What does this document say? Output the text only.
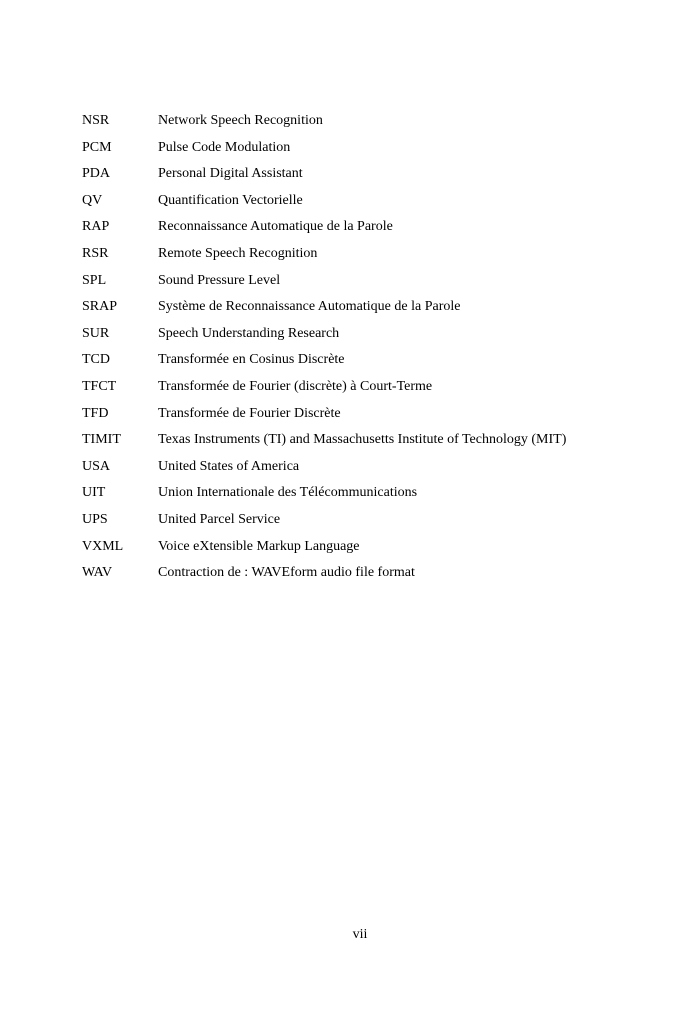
NSR	Network Speech Recognition
PCM	Pulse Code Modulation
PDA	Personal Digital Assistant
QV	Quantification Vectorielle
RAP	Reconnaissance Automatique de la Parole
RSR	Remote Speech Recognition
SPL	Sound Pressure Level
SRAP	Système de Reconnaissance Automatique de la Parole
SUR	Speech Understanding Research
TCD	Transformée en Cosinus Discrète
TFCT	Transformée de Fourier (discrète) à Court-Terme
TFD	Transformée de Fourier Discrète
TIMIT	Texas Instruments (TI) and Massachusetts Institute of Technology (MIT)
USA	United States of America
UIT	Union Internationale des Télécommunications
UPS	United Parcel Service
VXML Voice eXtensible Markup Language
WAV	Contraction de : WAVEform audio file format
vii
